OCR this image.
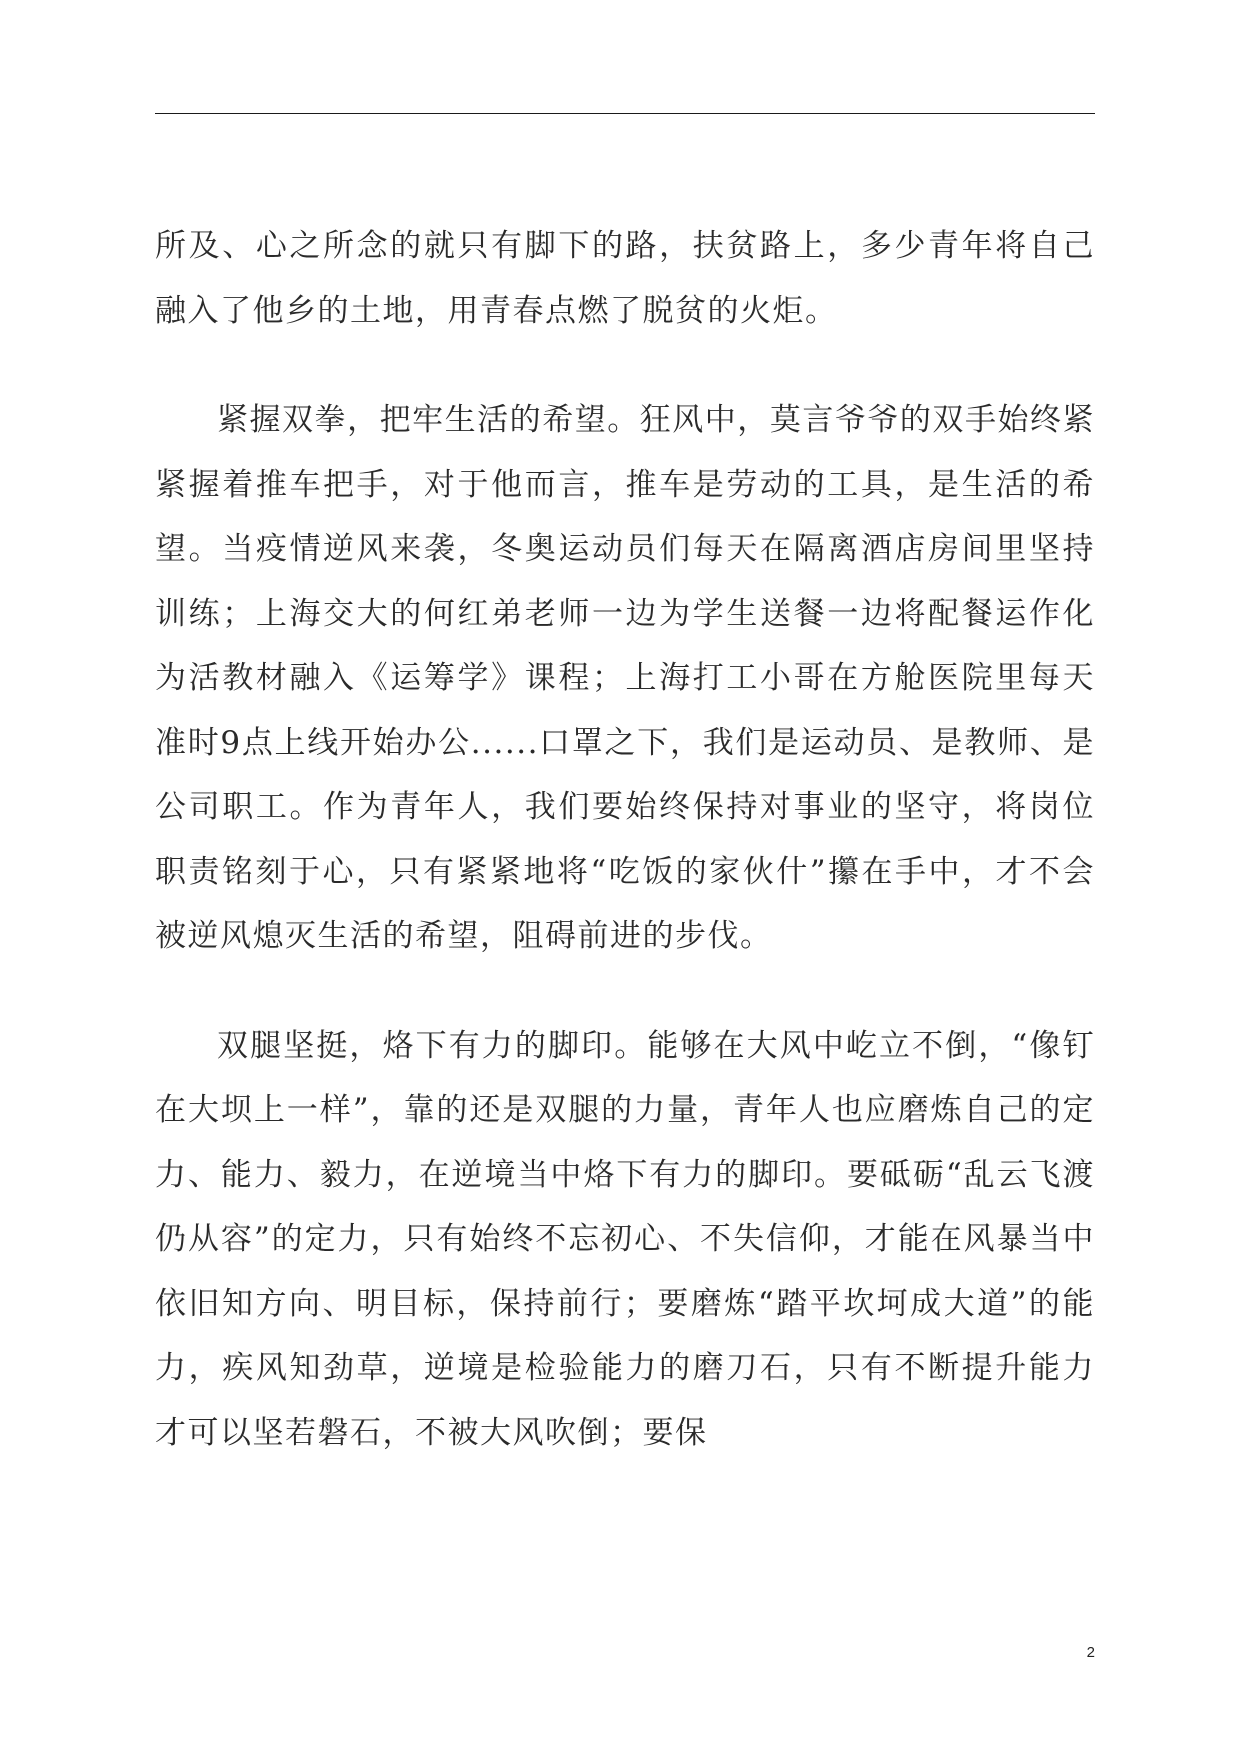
所及、心之所念的就只有脚下的路，扶贫路上，多少青年将自己融入了他乡的土地，用青春点燃了脱贫的火炬。

紧握双拳，把牢生活的希望。狂风中，莫言爷爷的双手始终紧紧握着推车把手，对于他而言，推车是劳动的工具，是生活的希望。当疫情逆风来袭，冬奥运动员们每天在隔离酒店房间里坚持训练；上海交大的何红弟老师一边为学生送餐一边将配餐运作化为活教材融入《运筹学》课程；上海打工小哥在方舱医院里每天准时9点上线开始办公......口罩之下，我们是运动员、是教师、是公司职工。作为青年人，我们要始终保持对事业的坚守，将岗位职责铭刻于心，只有紧紧地将“吃饭的家伙什”攥在手中，才不会被逆风熄灭生活的希望，阻碍前进的步伐。

双腿坚挺，烙下有力的脚印。能够在大风中屹立不倒，“像钉在大坝上一样”，靠的还是双腿的力量，青年人也应磨炼自己的定力、能力、毅力，在逆境当中烙下有力的脚印。要砥砺“乱云飞渡仍从容”的定力，只有始终不忘初心、不失信仰，才能在风暴当中依旧知方向、明目标，保持前行；要磨炼“踏平坎坷成大道”的能力，疾风知劲草，逆境是检验能力的磨刀石，只有不断提升能力才可以坚若磐石，不被大风吹倒；要保

2
